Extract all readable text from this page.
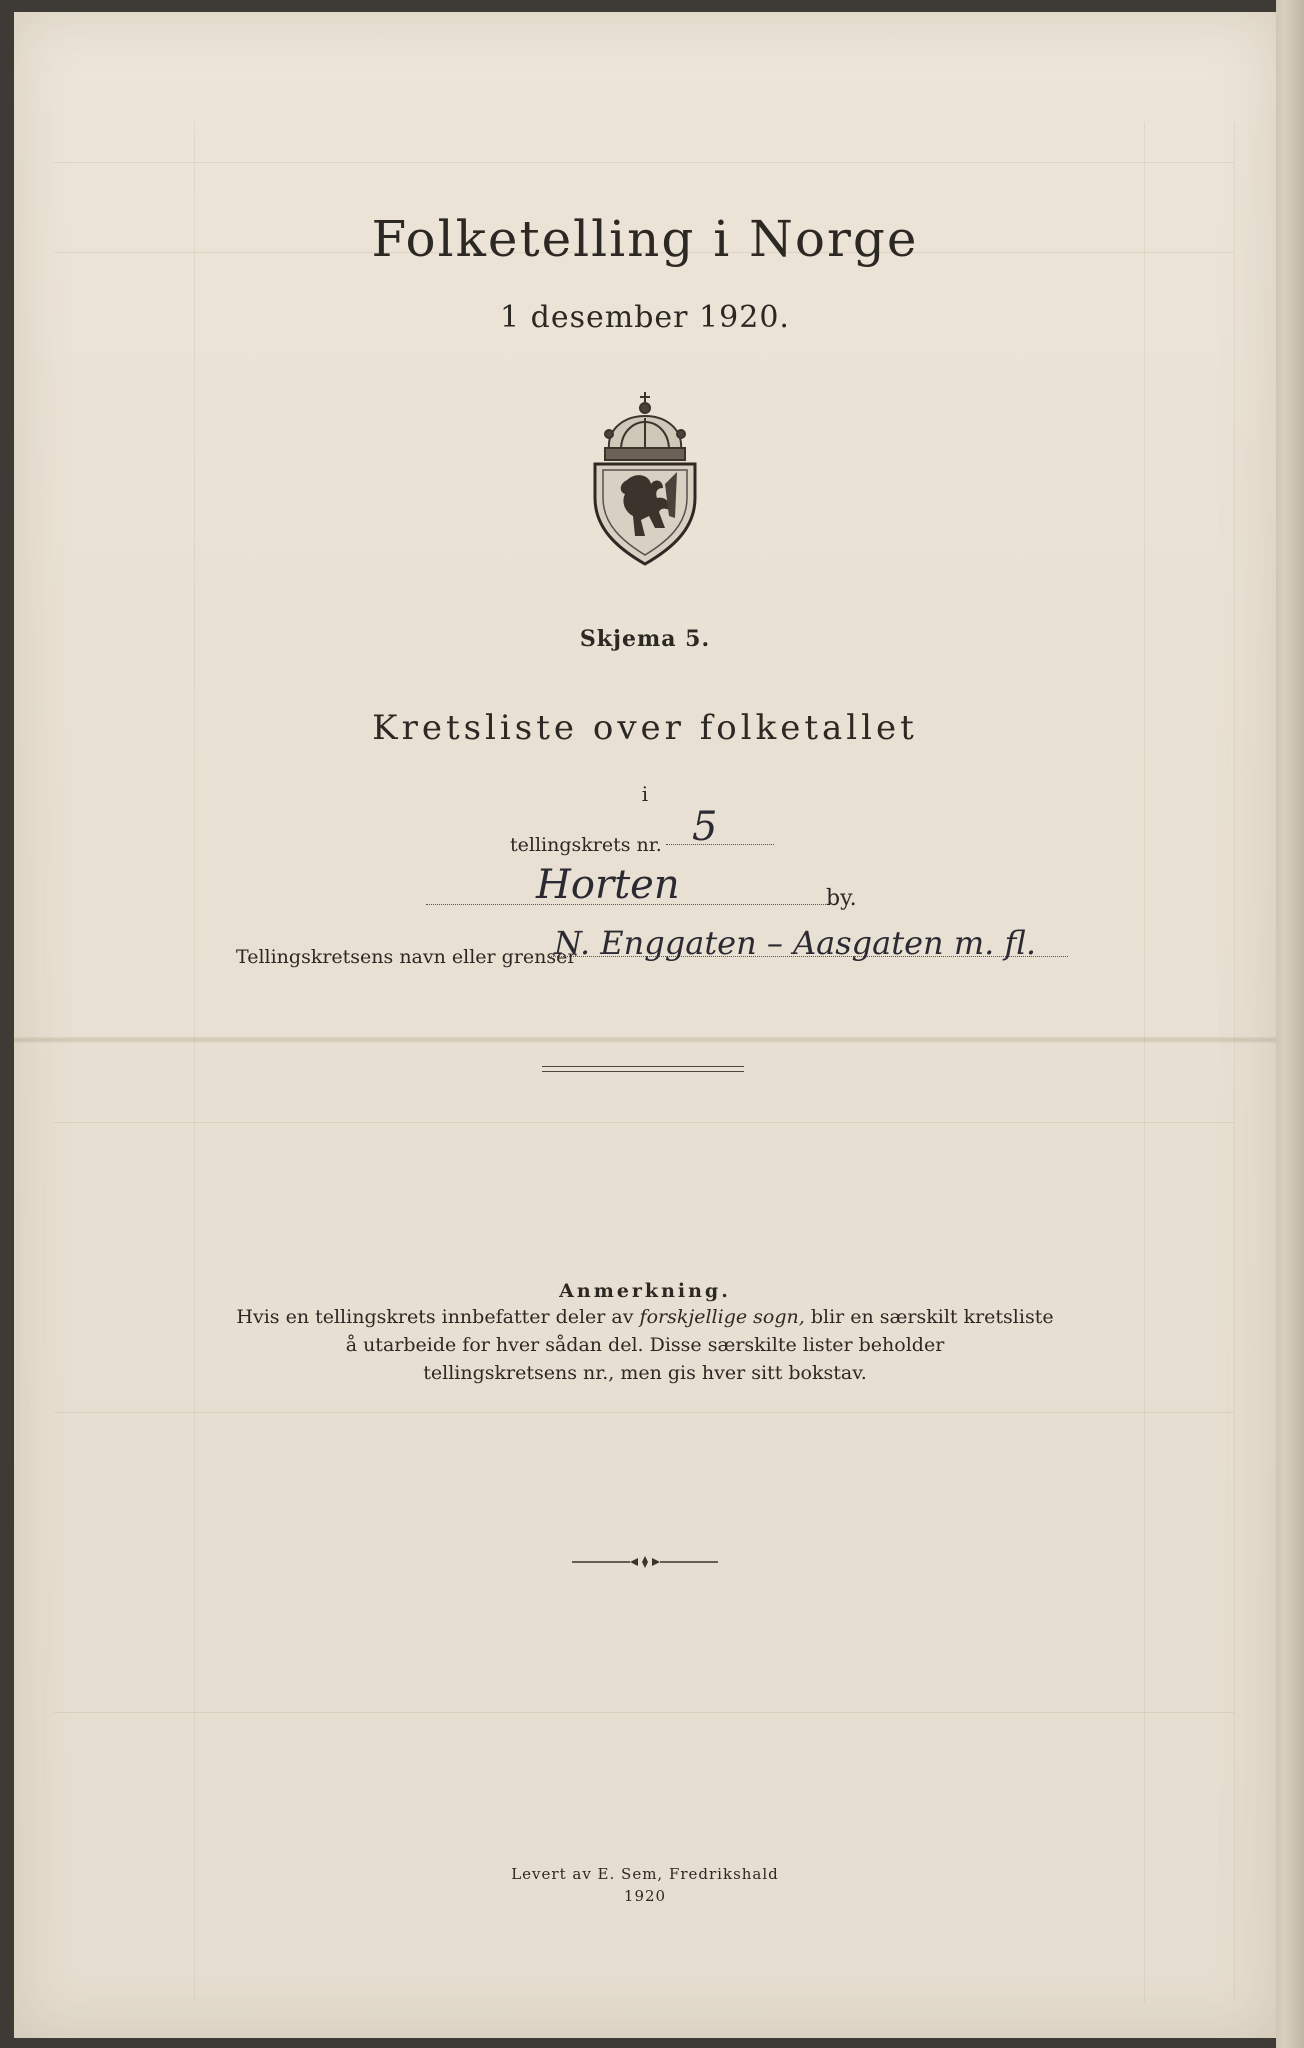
Folketelling i Norge
1 desember 1920.
Skjema 5.
Kretsliste over folketallet
i
tellingskrets nr. 5
Horten	by.
Tellingskretsens navn eller grenser
N. Enggaten – Aasgaten m. fl.
Anmerkning.
Hvis en tellingskrets innbefatter deler av forskjellige sogn, blir en særskilt kretsliste
å utarbeide for hver sådan del. Disse særskilte lister beholder
tellingskretsens nr., men gis hver sitt bokstav.
Levert av E. Sem, Fredrikshald
1920
